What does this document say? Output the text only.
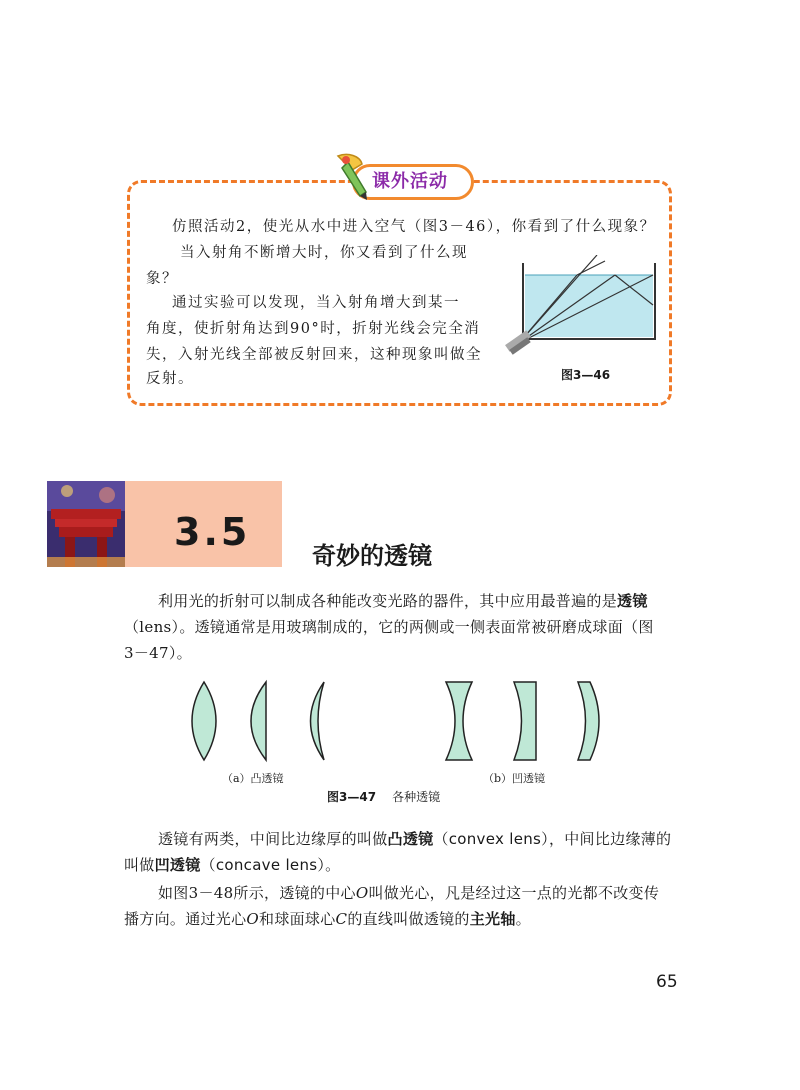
课外活动
仿照活动2，使光从水中进入空气（图3－46），你看到了什么现象？
当入射角不断增大时，你又看到了什么现
象？
通过实验可以发现，当入射角增大到某一
角度，使折射角达到90°时，折射光线会完全消
失，入射光线全部被反射回来，这种现象叫做全
反射。	图3—46
3.5
奇妙的透镜
利用光的折射可以制成各种能改变光路的器件，其中应用最普遍的是透镜
（lens）。透镜通常是用玻璃制成的，它的两侧或一侧表面常被研磨成球面（图
3－47）。
（a）凸透镜	（b）凹透镜
图3—47 各种透镜
透镜有两类，中间比边缘厚的叫做凸透镜（convex lens），中间比边缘薄的
叫做凹透镜（concave lens）。
如图3－48所示，透镜的中心O叫做光心，凡是经过这一点的光都不改变传
播方向。通过光心O和球面球心C的直线叫做透镜的主光轴。
65
